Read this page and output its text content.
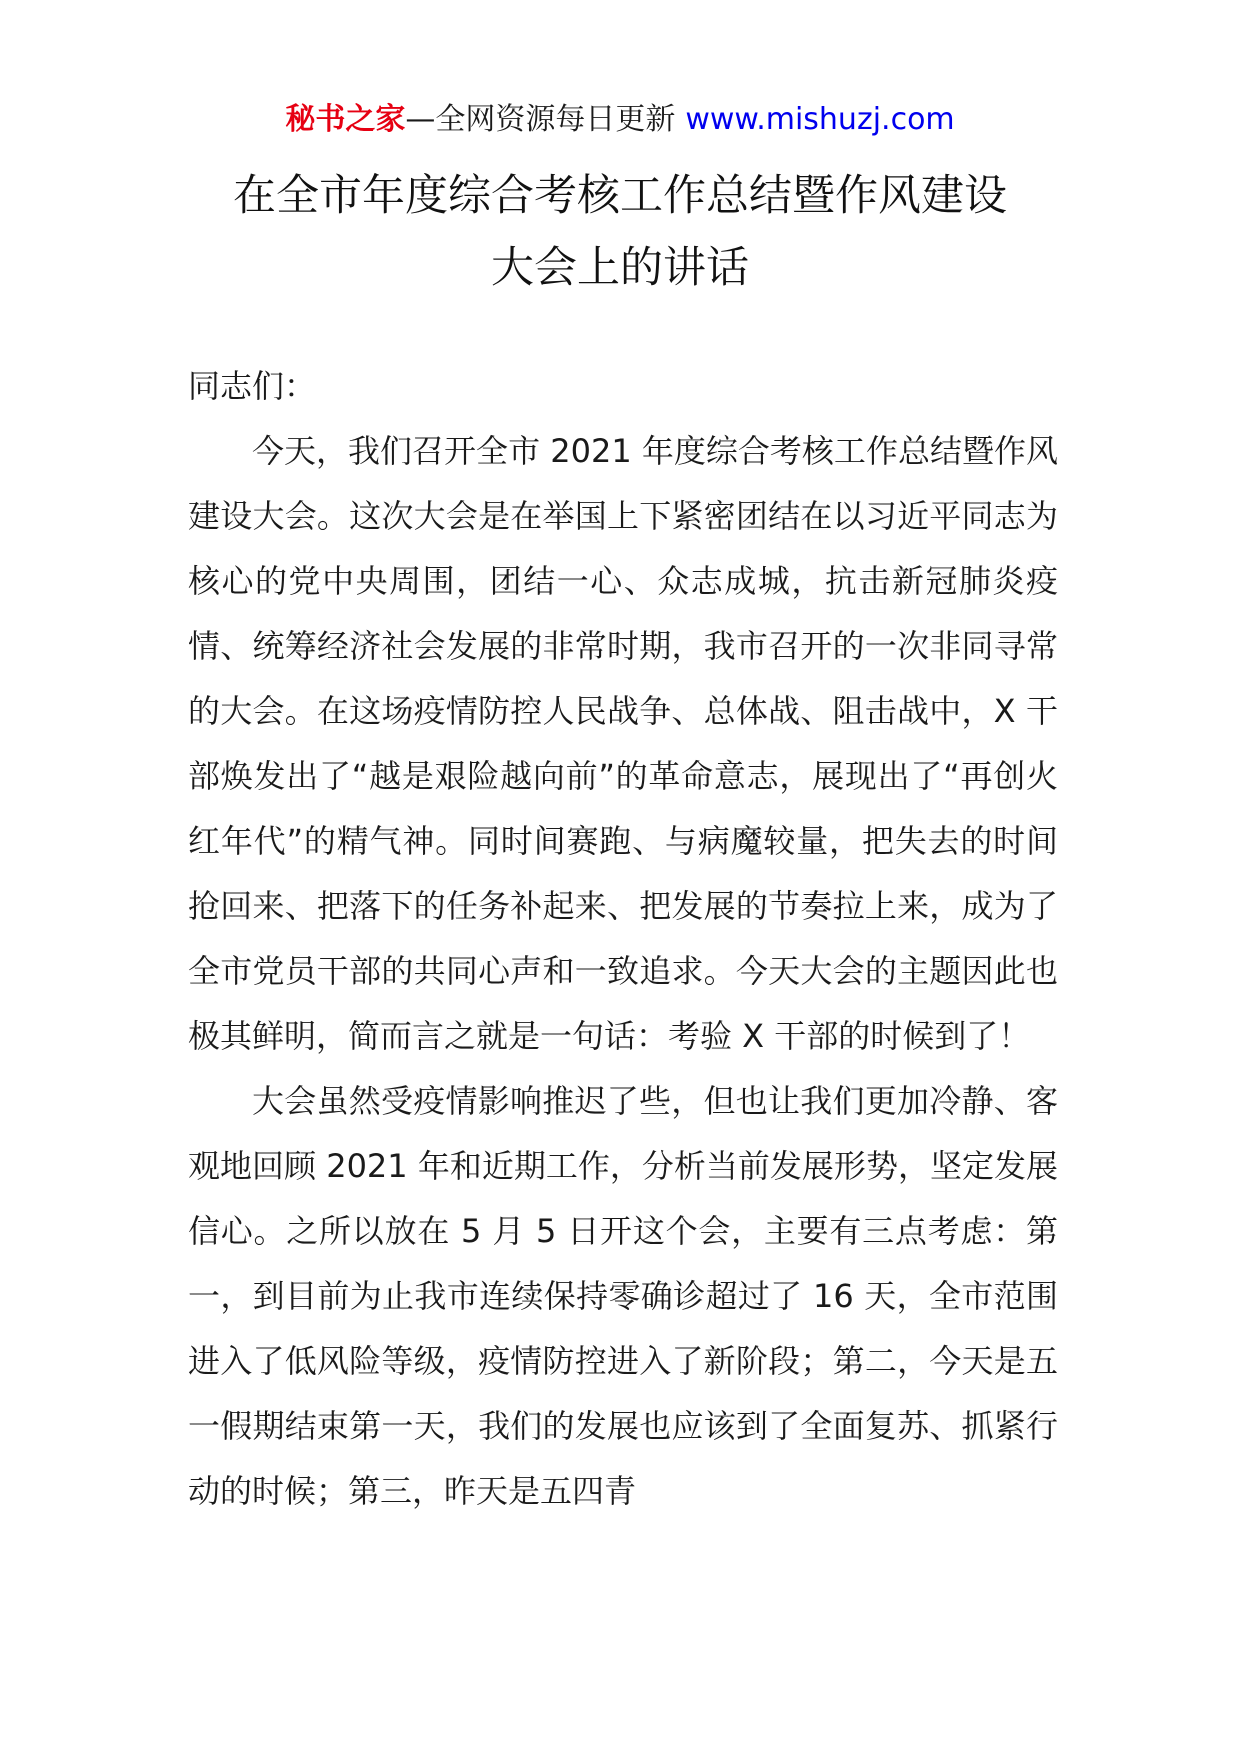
秘书之家—全网资源每日更新 www.mishuzj.com
在全市年度综合考核工作总结暨作风建设
大会上的讲话

同志们：

今天，我们召开全市 2021 年度综合考核工作总结暨作风建设大会。这次大会是在举国上下紧密团结在以习近平同志为核心的党中央周围，团结一心、众志成城，抗击新冠肺炎疫情、统筹经济社会发展的非常时期，我市召开的一次非同寻常的大会。在这场疫情防控人民战争、总体战、阻击战中，X 干部焕发出了“越是艰险越向前”的革命意志，展现出了“再创火红年代”的精气神。同时间赛跑、与病魔较量，把失去的时间抢回来、把落下的任务补起来、把发展的节奏拉上来，成为了全市党员干部的共同心声和一致追求。今天大会的主题因此也极其鲜明，简而言之就是一句话：考验 X 干部的时候到了！

大会虽然受疫情影响推迟了些，但也让我们更加冷静、客观地回顾 2021 年和近期工作，分析当前发展形势，坚定发展信心。之所以放在 5 月 5 日开这个会，主要有三点考虑：第一，到目前为止我市连续保持零确诊超过了 16 天，全市范围进入了低风险等级，疫情防控进入了新阶段；第二，今天是五一假期结束第一天，我们的发展也应该到了全面复苏、抓紧行动的时候；第三，昨天是五四青
